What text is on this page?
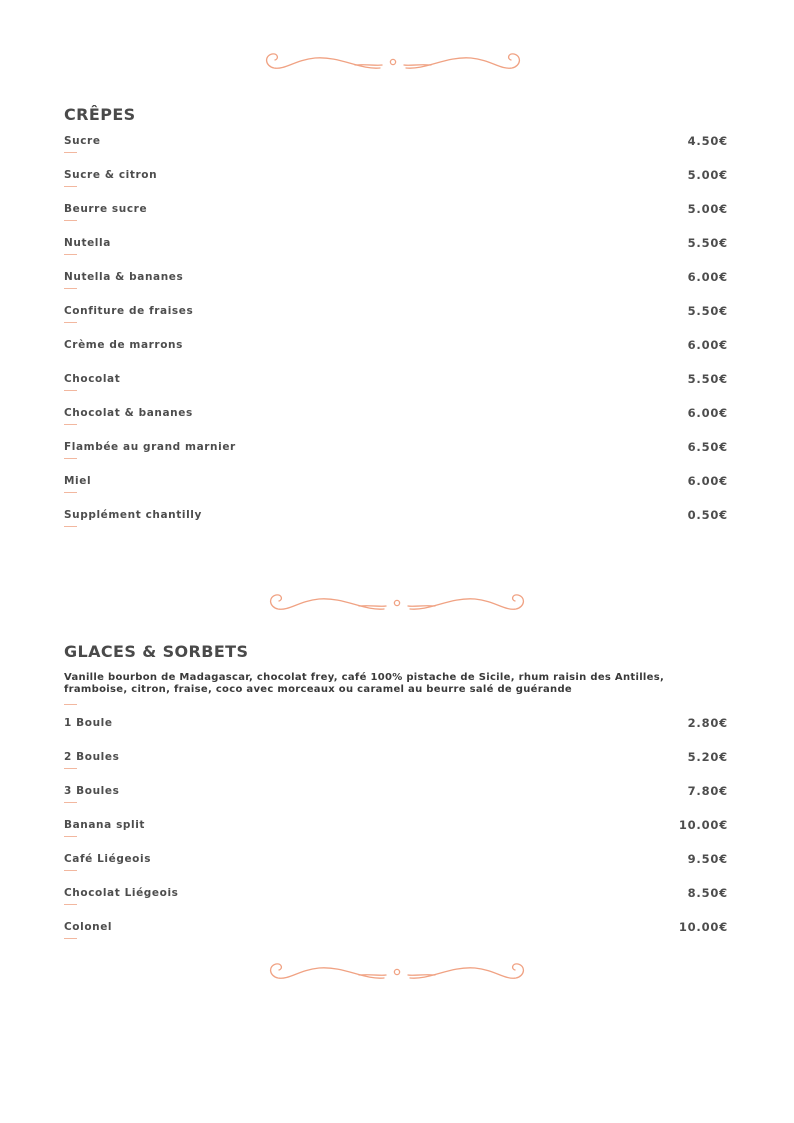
CRÊPES
Sucre	4.50€
Sucre & citron	5.00€
Beurre sucre	5.00€
Nutella	5.50€
Nutella & bananes	6.00€
Confiture de fraises	5.50€
Crème de marrons	6.00€
Chocolat	5.50€
Chocolat & bananes	6.00€
Flambée au grand marnier	6.50€
Miel	6.00€
Supplément chantilly	0.50€
GLACES & SORBETS
Vanille bourbon de Madagascar, chocolat frey, café 100% pistache de Sicile, rhum raisin des Antilles, framboise, citron, fraise, coco avec morceaux ou caramel au beurre salé de guérande
1 Boule	2.80€
2 Boules	5.20€
3 Boules	7.80€
Banana split	10.00€
Café Liégeois	9.50€
Chocolat Liégeois	8.50€
Colonel	10.00€
